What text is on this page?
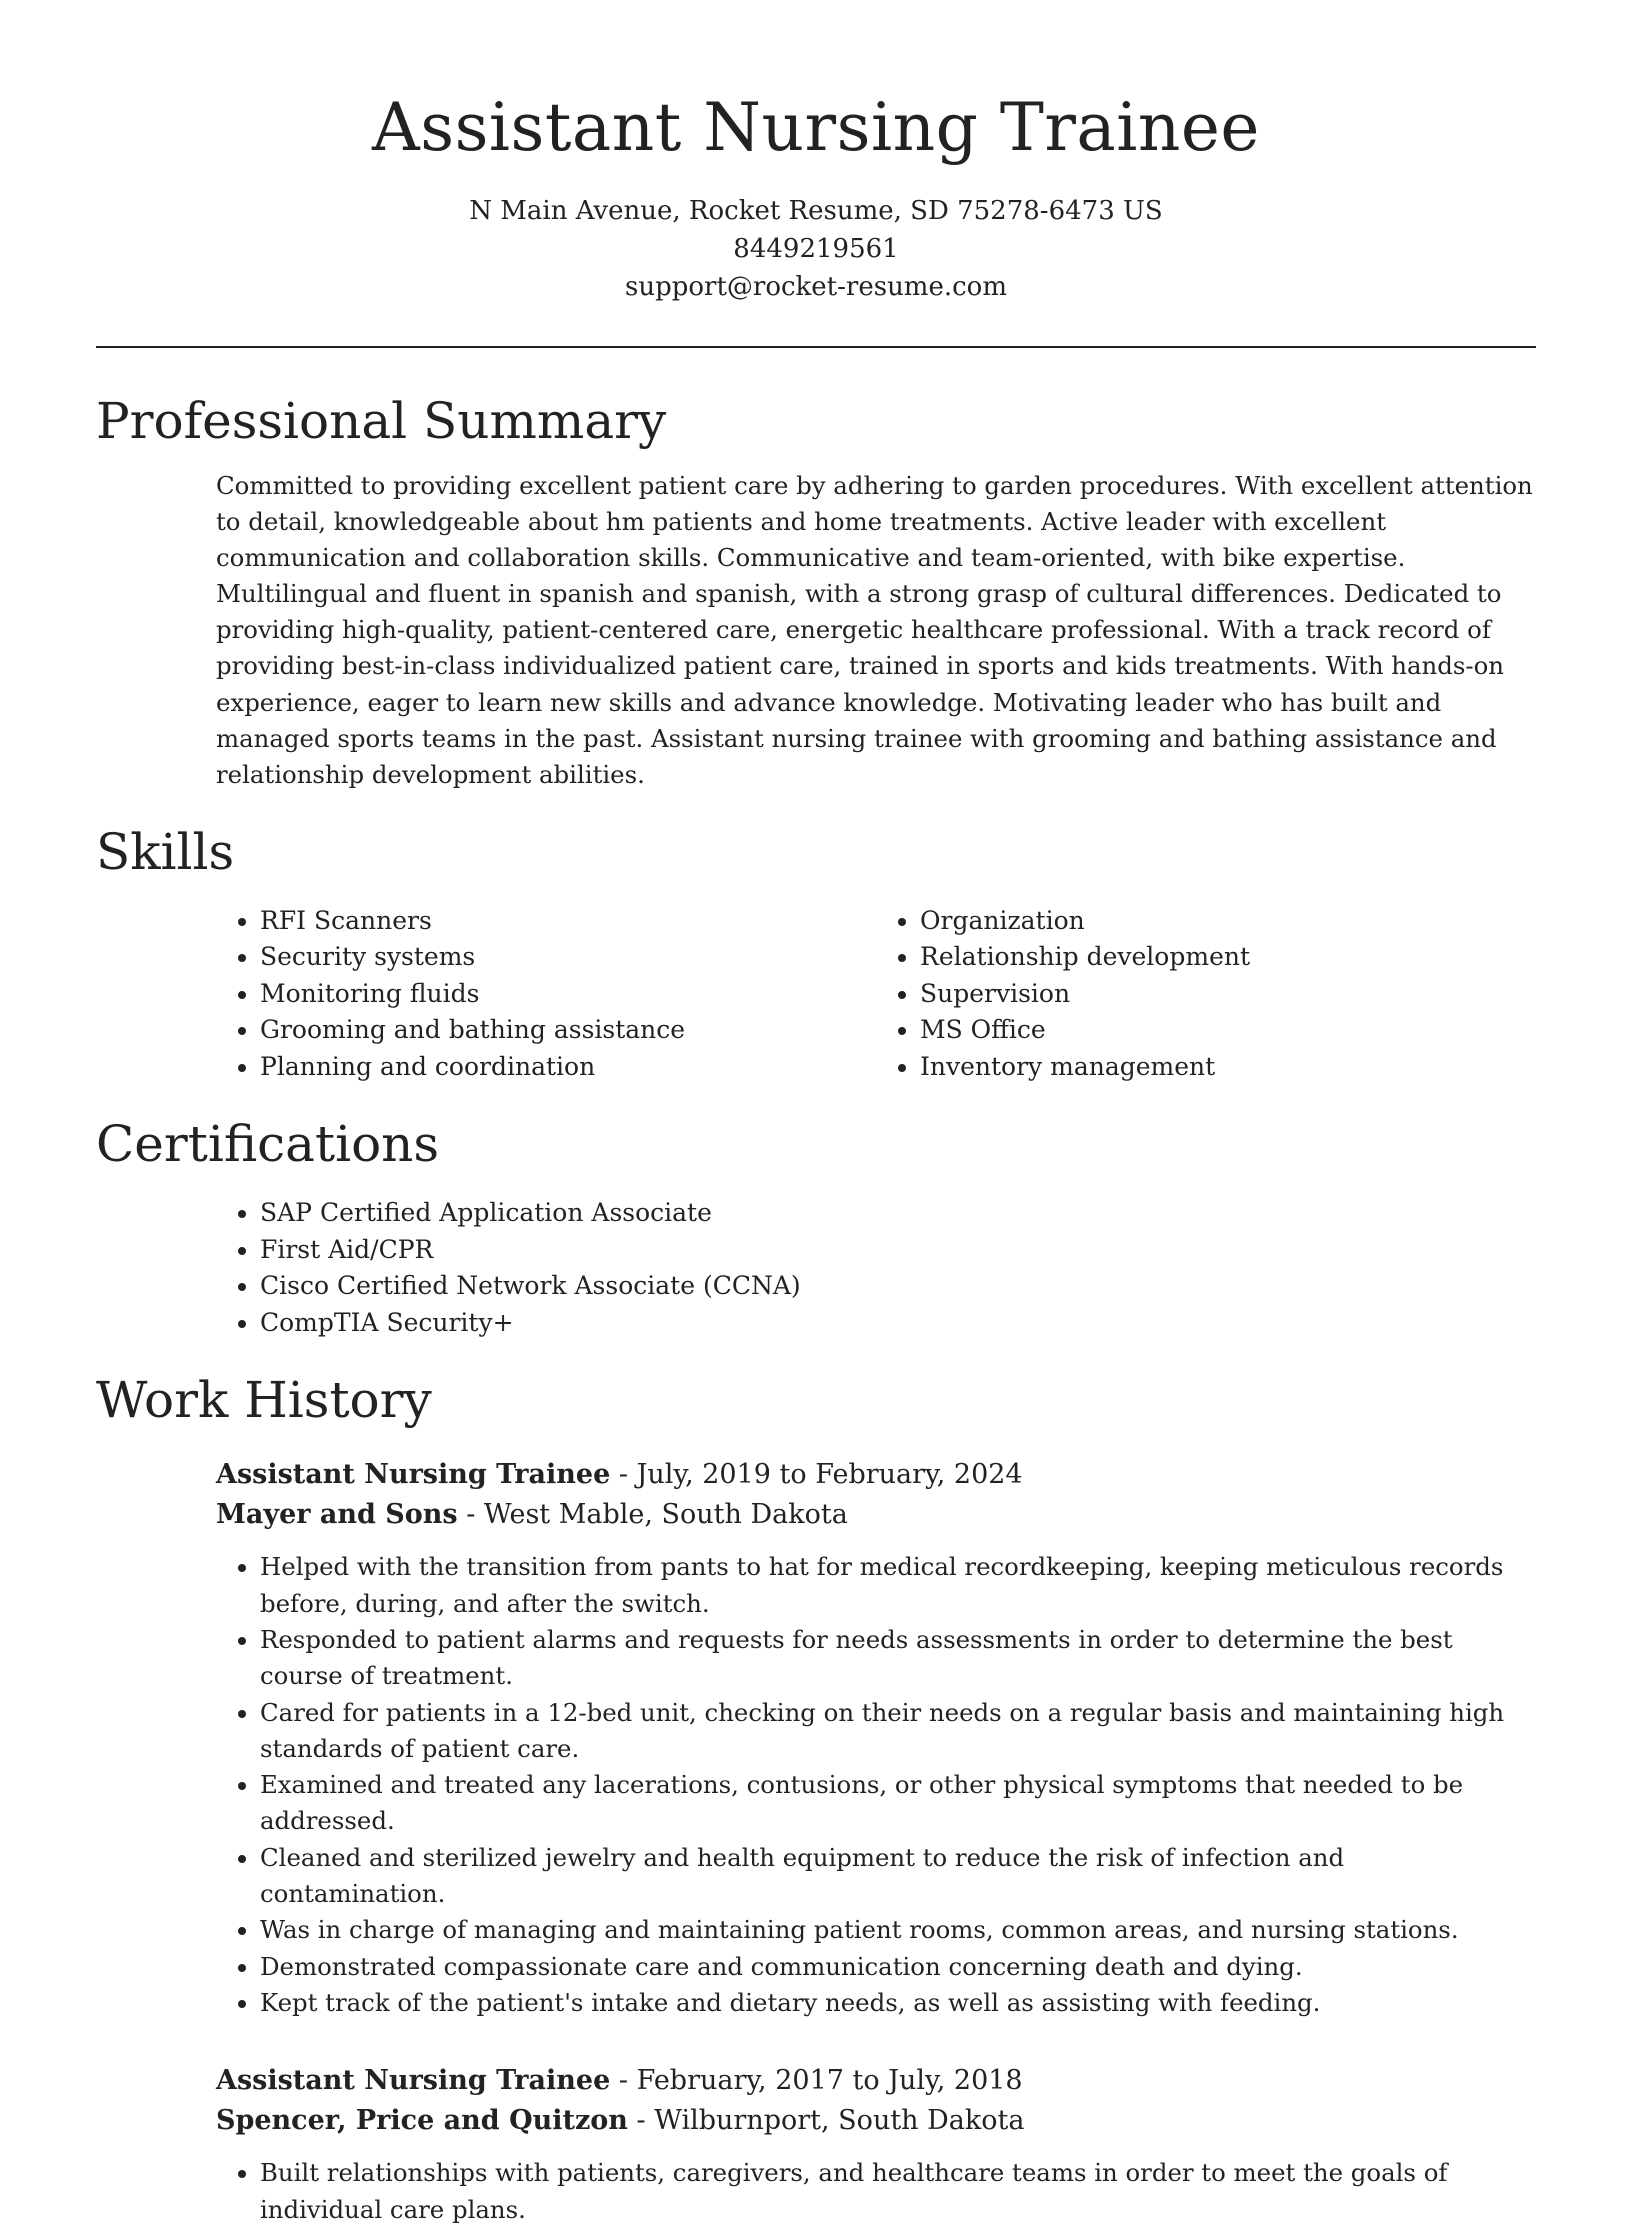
Assistant Nursing Trainee
N Main Avenue, Rocket Resume, SD 75278-6473 US
8449219561
support@rocket-resume.com
Professional Summary

Committed to providing excellent patient care by adhering to garden procedures. With excellent attention to detail, knowledgeable about hm patients and home treatments. Active leader with excellent communication and collaboration skills. Communicative and team-oriented, with bike expertise. Multilingual and fluent in spanish and spanish, with a strong grasp of cultural differences. Dedicated to providing high-quality, patient-centered care, energetic healthcare professional. With a track record of providing best-in-class individualized patient care, trained in sports and kids treatments. With hands-on experience, eager to learn new skills and advance knowledge. Motivating leader who has built and managed sports teams in the past. Assistant nursing trainee with grooming and bathing assistance and relationship development abilities.

Skills
• RFI Scanners
• Security systems
• Monitoring fluids
• Grooming and bathing assistance
• Planning and coordination
• Organization
• Relationship development
• Supervision
• MS Office
• Inventory management
Certifications
• SAP Certified Application Associate
• First Aid/CPR
• Cisco Certified Network Associate (CCNA)
• CompTIA Security+
Work History
Assistant Nursing Trainee - July, 2019 to February, 2024
Mayer and Sons - West Mable, South Dakota
• Helped with the transition from pants to hat for medical recordkeeping, keeping meticulous records before, during, and after the switch.
• Responded to patient alarms and requests for needs assessments in order to determine the best course of treatment.
• Cared for patients in a 12-bed unit, checking on their needs on a regular basis and maintaining high standards of patient care.
• Examined and treated any lacerations, contusions, or other physical symptoms that needed to be addressed.
• Cleaned and sterilized jewelry and health equipment to reduce the risk of infection and contamination.
• Was in charge of managing and maintaining patient rooms, common areas, and nursing stations.
• Demonstrated compassionate care and communication concerning death and dying.
• Kept track of the patient's intake and dietary needs, as well as assisting with feeding.
Assistant Nursing Trainee - February, 2017 to July, 2018
Spencer, Price and Quitzon - Wilburnport, South Dakota
• Built relationships with patients, caregivers, and healthcare teams in order to meet the goals of individual care plans.
